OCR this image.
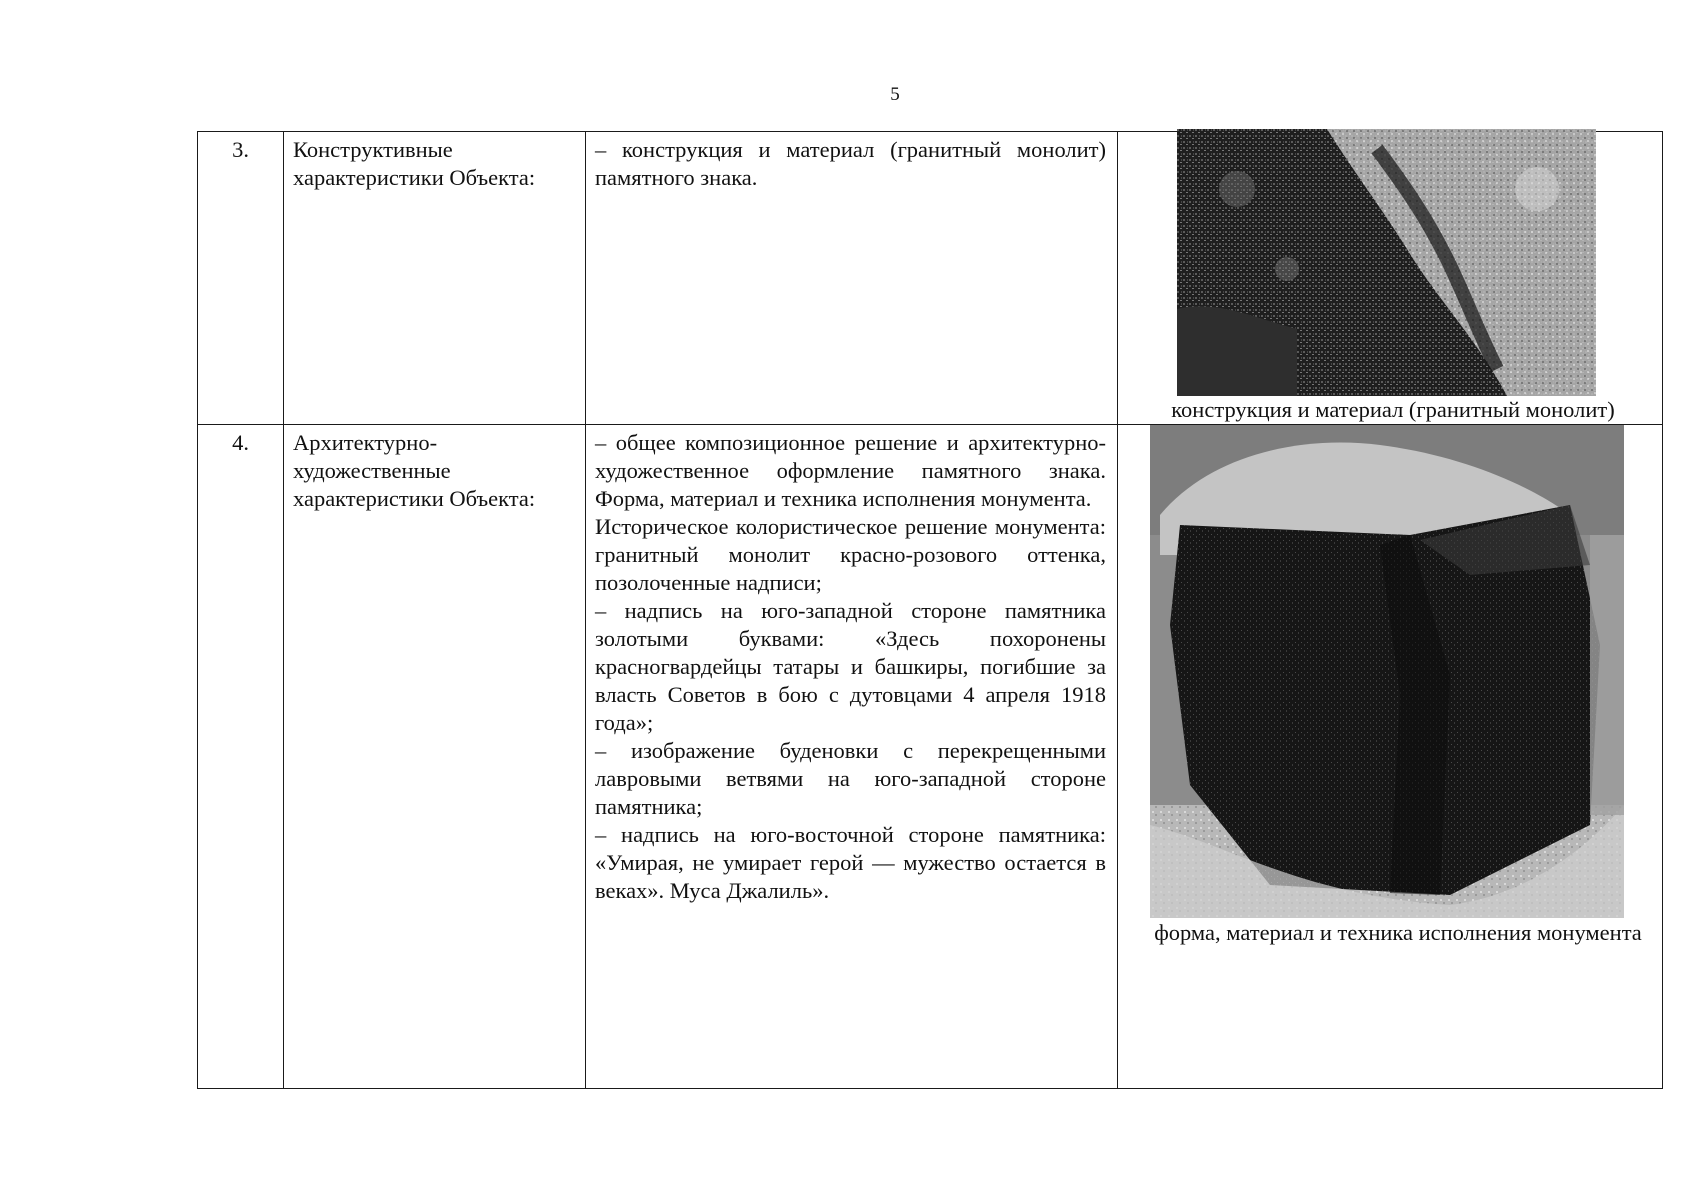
5
3.	Конструктивные характеристики Объекта:	– конструкция и материал (гранитный монолит) памятного знака.	конструкция и материал (гранитный монолит)

4.	Архитектурно-художественные характеристики Объекта:	– общее композиционное решение и архитектурно-художественное оформление памятного знака. Форма, материал и техника исполнения монумента.

Историческое колористическое решение монумента: гранитный монолит красно-розового оттенка, позолоченные надписи;

– надпись на юго-западной стороне памятника золотыми буквами: «Здесь похоронены красногвардейцы татары и башкиры, погибшие за власть Советов в бою с дутовцами 4 апреля 1918 года»;

– изображение буденовки с перекрещенными лавровыми ветвями на юго-западной стороне памятника;

– надпись на юго-восточной стороне памятника: «Умирая, не умирает герой — мужество остается в веках». Муса Джалиль».	форма, материал и техника исполнения монумента
